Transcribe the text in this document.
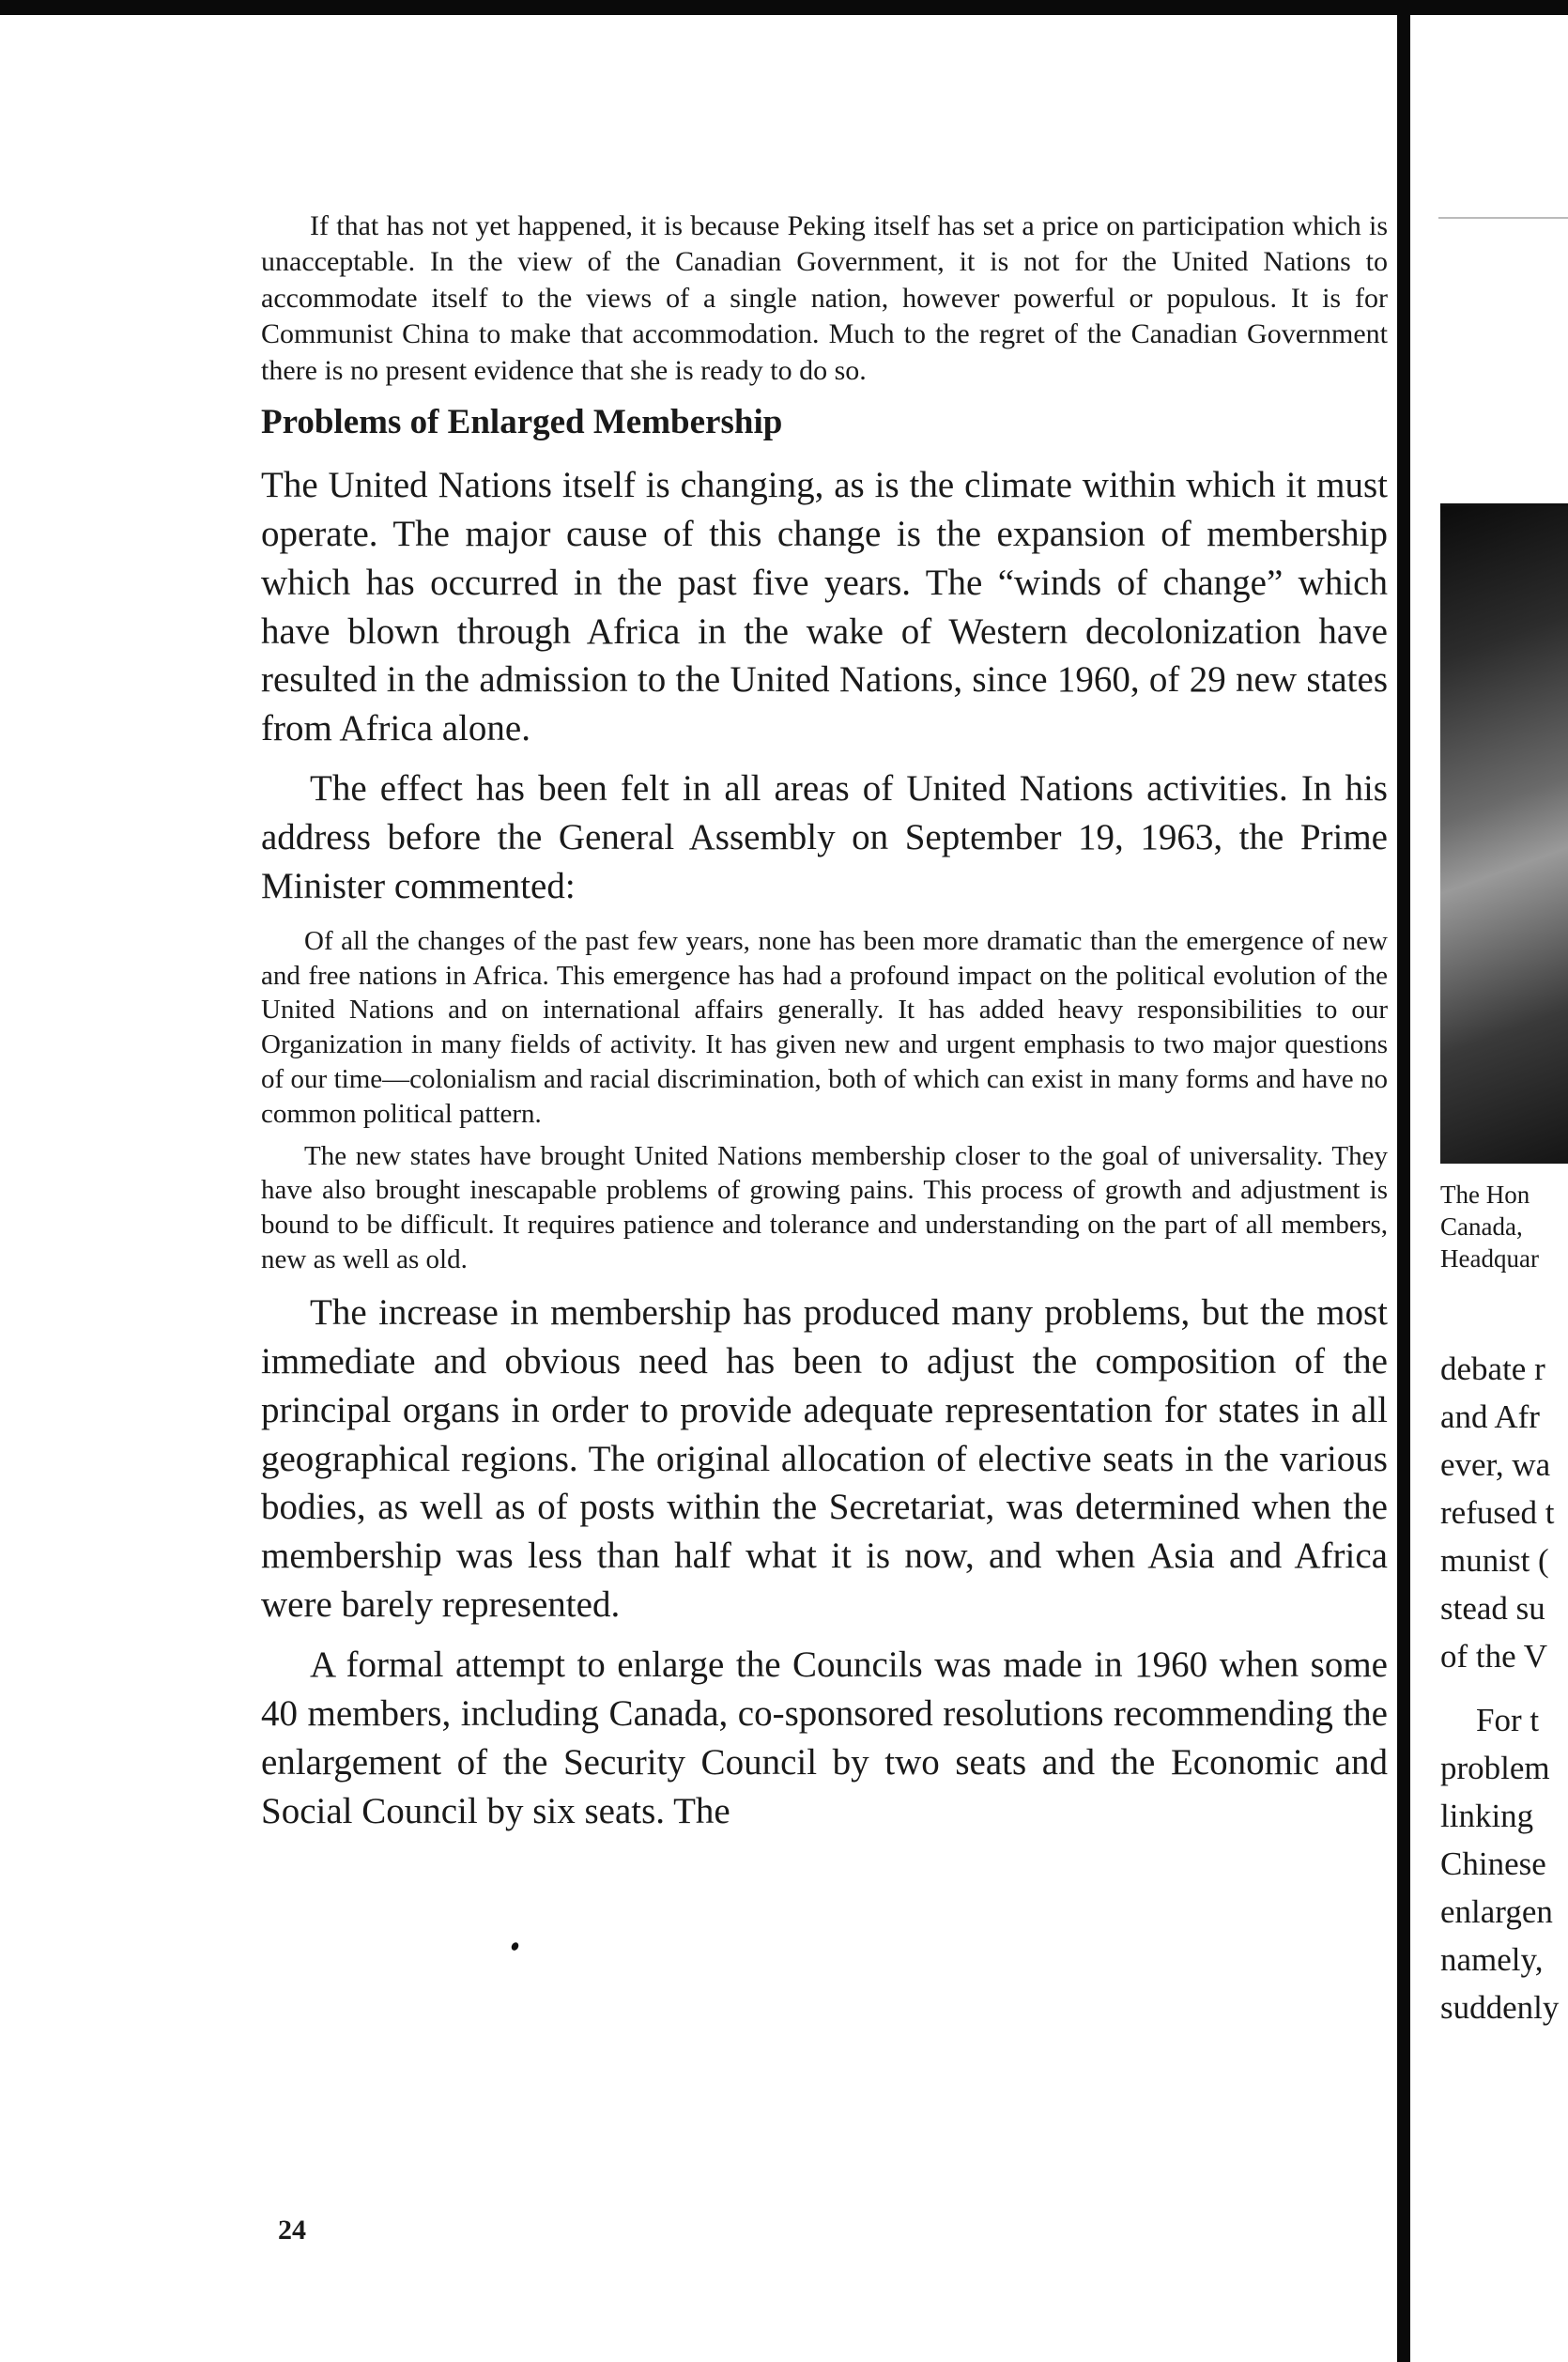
If that has not yet happened, it is because Peking itself has set a price on participation which is unacceptable. In the view of the Canadian Government, it is not for the United Nations to accommodate itself to the views of a single nation, however powerful or populous. It is for Communist China to make that accommodation. Much to the regret of the Canadian Government there is no present evidence that she is ready to do so.

Problems of Enlarged Membership

The United Nations itself is changing, as is the climate within which it must operate. The major cause of this change is the expansion of membership which has occurred in the past five years. The “winds of change” which have blown through Africa in the wake of Western decolonization have resulted in the admission to the United Nations, since 1960, of 29 new states from Africa alone.

The effect has been felt in all areas of United Nations activities. In his address before the General Assembly on September 19, 1963, the Prime Minister commented:

Of all the changes of the past few years, none has been more dramatic than the emergence of new and free nations in Africa. This emergence has had a profound impact on the political evolution of the United Nations and on international affairs generally. It has added heavy responsibilities to our Organization in many fields of activity. It has given new and urgent emphasis to two major questions of our time—colonialism and racial discrimination, both of which can exist in many forms and have no common political pattern.

The new states have brought United Nations membership closer to the goal of universality. They have also brought inescapable problems of growing pains. This process of growth and adjustment is bound to be difficult. It requires patience and tolerance and understanding on the part of all members, new as well as old.

The increase in membership has produced many problems, but the most immediate and obvious need has been to adjust the composition of the principal organs in order to provide adequate representation for states in all geographical regions. The original allocation of elective seats in the various bodies, as well as of posts within the Secretariat, was determined when the membership was less than half what it is now, and when Asia and Africa were barely represented.

A formal attempt to enlarge the Councils was made in 1960 when some 40 members, including Canada, co-sponsored resolutions recommending the enlargement of the Security Council by two seats and the Economic and Social Council by six seats. The

24
The Hon
Canada,
Headquar
debate r
and Afr
ever, wa
refused t
munist (
stead su
of the V
For t
problem
linking
Chinese
enlargen
namely,
suddenly
